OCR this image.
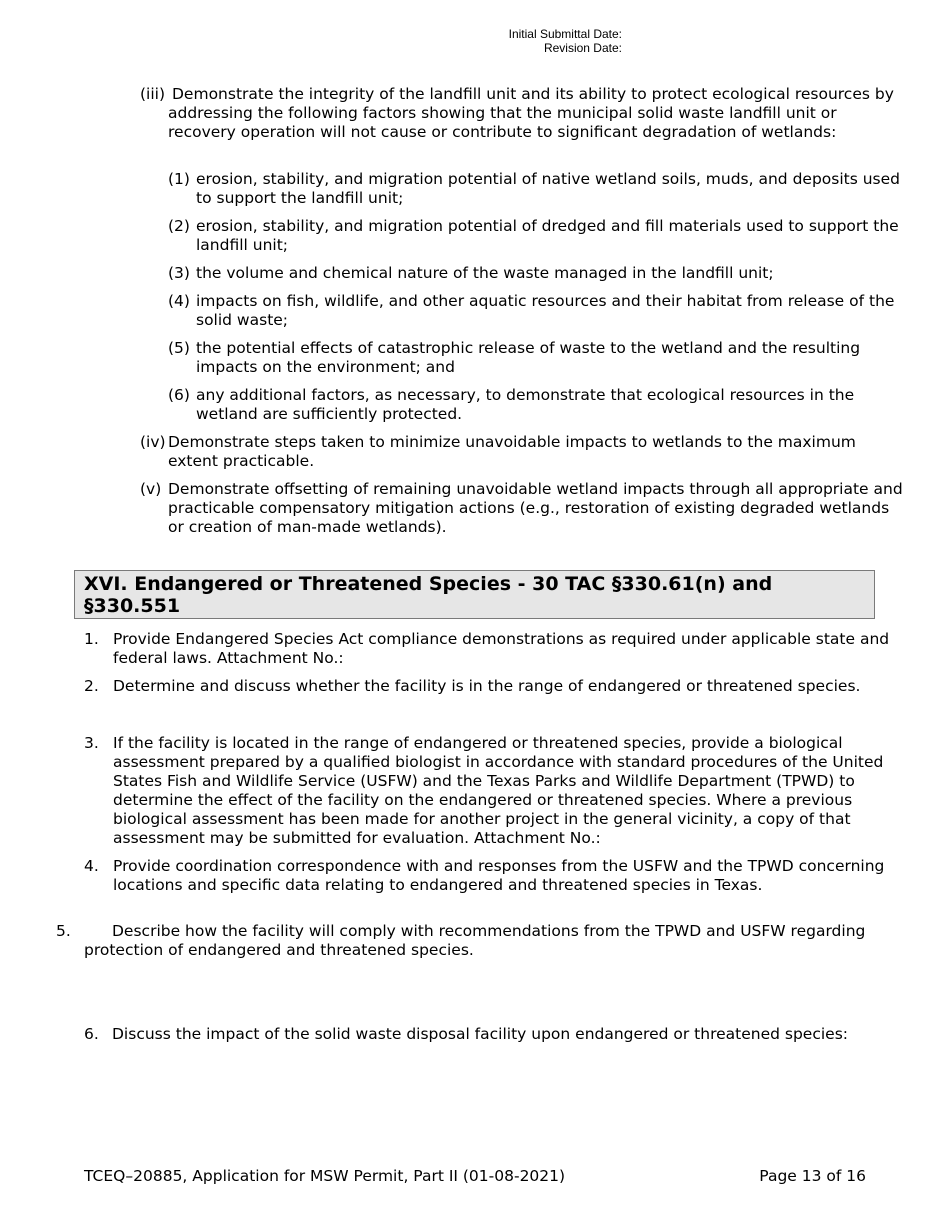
Initial Submittal Date:
Revision Date:
(iii) Demonstrate the integrity of the landfill unit and its ability to protect ecological resources by addressing the following factors showing that the municipal solid waste landfill unit or recovery operation will not cause or contribute to significant degradation of wetlands:
(1) erosion, stability, and migration potential of native wetland soils, muds, and deposits used to support the landfill unit;
(2) erosion, stability, and migration potential of dredged and fill materials used to support the landfill unit;
(3) the volume and chemical nature of the waste managed in the landfill unit;
(4) impacts on fish, wildlife, and other aquatic resources and their habitat from release of the solid waste;
(5) the potential effects of catastrophic release of waste to the wetland and the resulting impacts on the environment; and
(6) any additional factors, as necessary, to demonstrate that ecological resources in the wetland are sufficiently protected.
(iv) Demonstrate steps taken to minimize unavoidable impacts to wetlands to the maximum extent practicable.
(v) Demonstrate offsetting of remaining unavoidable wetland impacts through all appropriate and practicable compensatory mitigation actions (e.g., restoration of existing degraded wetlands or creation of man-made wetlands).
XVI. Endangered or Threatened Species - 30 TAC §330.61(n) and §330.551
1. Provide Endangered Species Act compliance demonstrations as required under applicable state and federal laws. Attachment No.:
2. Determine and discuss whether the facility is in the range of endangered or threatened species.
3. If the facility is located in the range of endangered or threatened species, provide a biological assessment prepared by a qualified biologist in accordance with standard procedures of the United States Fish and Wildlife Service (USFW) and the Texas Parks and Wildlife Department (TPWD) to determine the effect of the facility on the endangered or threatened species. Where a previous biological assessment has been made for another project in the general vicinity, a copy of that assessment may be submitted for evaluation. Attachment No.:
4. Provide coordination correspondence with and responses from the USFW and the TPWD concerning locations and specific data relating to endangered and threatened species in Texas.
5.	Describe how the facility will comply with recommendations from the TPWD and USFW regarding protection of endangered and threatened species.
6. Discuss the impact of the solid waste disposal facility upon endangered or threatened species:
TCEQ–20885, Application for MSW Permit, Part II (01-08-2021)	Page 13 of 16
